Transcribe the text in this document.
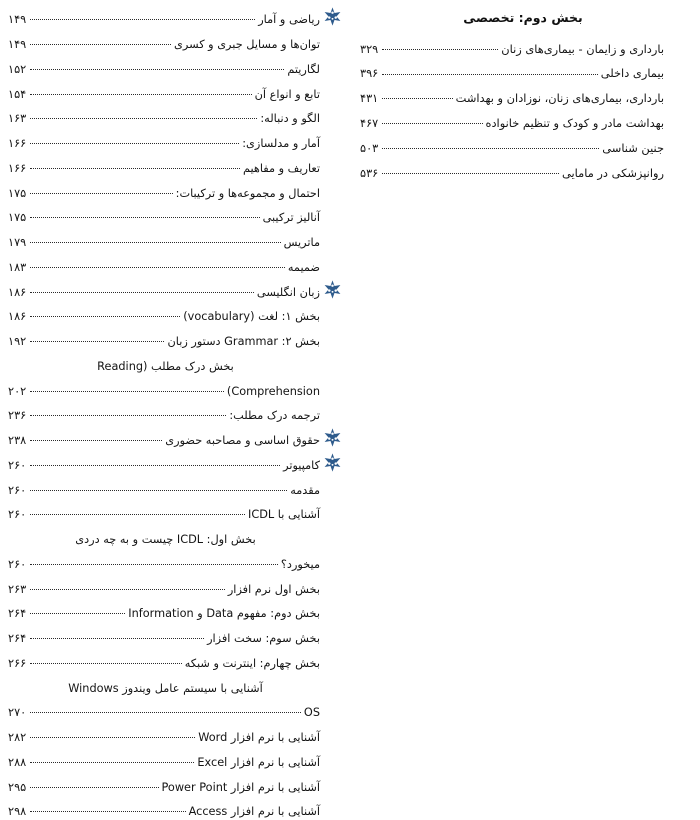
بخش دوم: تخصصی
بارداری و زایمان - بیماری‌های زنان
۳۲۹
بیماری داخلی
۳۹۶
بارداری، بیماری‌های زنان، نوزادان و بهداشت
۴۳۱
بهداشت مادر و کودک و تنظیم خانواده
۴۶۷
جنین شناسی
۵۰۳
روانپزشکی در مامایی
۵۳۶
ریاضی و آمار
۱۴۹
توان‌ها و مسایل جبری و کسری
۱۴۹
لگاریتم
۱۵۲
تابع و انواع آن
۱۵۴
الگو و دنباله:
۱۶۳
آمار و مدلسازی:
۱۶۶
تعاریف و مفاهیم
۱۶۶
احتمال و مجموعه‌ها و ترکیبات:
۱۷۵
آنالیز ترکیبی
۱۷۵
ماتریس
۱۷۹
ضمیمه
۱۸۳
زبان انگلیسی
۱۸۶
بخش ۱: لغت (vocabulary)
۱۸۶
بخش ۲: Grammar دستور زبان
۱۹۲
بخش درک مطلب (Reading
Comprehension)
۲۰۲
ترجمه درک مطلب:
۲۳۶
حقوق اساسی و مصاحبه حضوری
۲۳۸
کامپیوتر
۲۶۰
مقدمه
۲۶۰
آشنایی با ICDL
۲۶۰
بخش اول: ICDL چیست و به چه دردی
میخورد؟
۲۶۰
بخش اول نرم افزار
۲۶۳
بخش دوم: مفهوم Data و Information
۲۶۴
بخش سوم: سخت افزار
۲۶۴
بخش چهارم: اینترنت و شبکه
۲۶۶
آشنایی با سیستم عامل ویندوز Windows
OS
۲۷۰
آشنایی با نرم افزار Word
۲۸۲
آشنایی با نرم افزار Excel
۲۸۸
آشنایی با نرم افزار Power Point
۲۹۵
آشنایی با نرم افزار Access
۲۹۸
